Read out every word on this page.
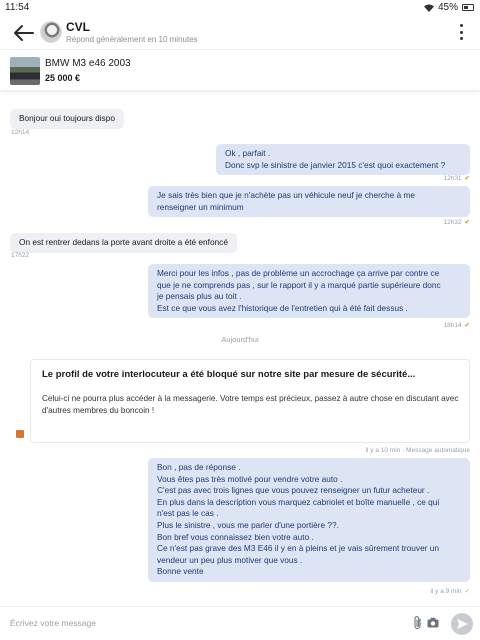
11:54	45%
CVL
Répond généralement en 10 minutes
BMW M3 e46 2003
25 000 €
Bonjour oui toujours dispo
12h14
Ok , parfait .
Donc svp le sinistre de janvier 2015 c'est quoi exactement ?
12h31 ✔
Je sais très bien que je n'achète pas un véhicule neuf je cherche à me
renseigner un minimum
12h32 ✔
On est rentrer dedans la porte avant droite a été enfoncé
17h22
Merci pour les infos , pas de problème un accrochage ça arrive par contre ce
que je ne comprends pas , sur le rapport il y a marqué partie supérieure donc
je pensais plus au toit .
Est ce que vous avez l'historique de l'entretien qui à été fait dessus .
18h14 ✔
Aujourd'hui
Le profil de votre interlocuteur a été bloqué sur notre site par mesure de sécurité...
Celui-ci ne pourra plus accéder à la messagerie. Votre temps est précieux, passez à autre chose en discutant avec d'autres membres du boncoin !
il y a 10 min · Message automatique
Bon , pas de réponse .
Vous êtes pas très motivé pour vendre votre auto .
C'est pas avec trois lignes que vous pouvez renseigner un futur acheteur .
En plus dans la description vous marquez cabriolet et boîte manuelle , ce qui
n'est pas le cas .
Plus le sinistre , vous me parler d'une portière ??.
Bon bref vous connaissez bien votre auto .
Ce n'est pas grave des M3 E46 il y en à pleins et je vais sûrement trouver un
vendeur un peu plus motiver que vous .
Bonne vente
il y a 9 min ✓
Écrivez votre message
